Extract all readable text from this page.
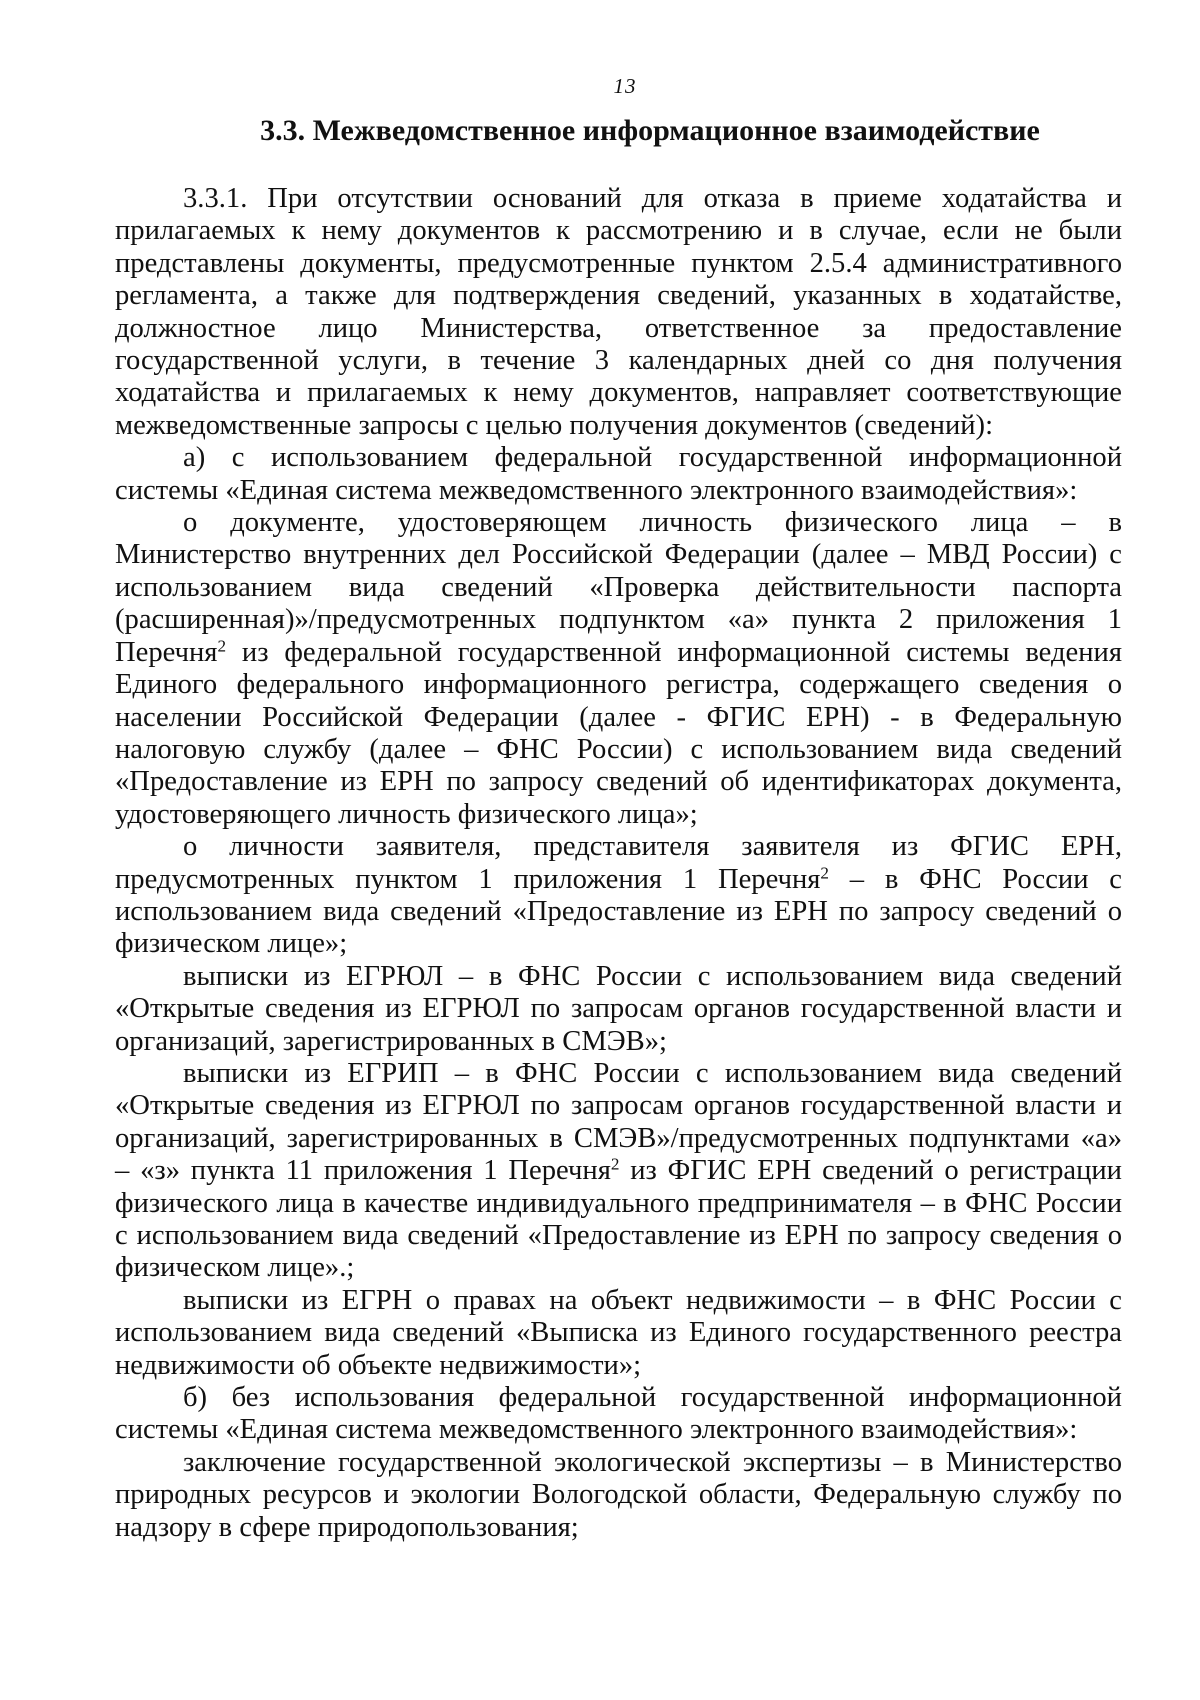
13
3.3. Межведомственное информационное взаимодействие

3.3.1. При отсутствии оснований для отказа в приеме ходатайства и прилагаемых к нему документов к рассмотрению и в случае, если не были представлены документы, предусмотренные пунктом 2.5.4 административного регламента, а также для подтверждения сведений, указанных в ходатайстве, должностное лицо Министерства, ответственное за предоставление государственной услуги, в течение 3 календарных дней со дня получения ходатайства и прилагаемых к нему документов, направляет соответствующие межведомственные запросы с целью получения документов (сведений):

а) с использованием федеральной государственной информационной системы «Единая система межведомственного электронного взаимодействия»:

о документе, удостоверяющем личность физического лица – в Министерство внутренних дел Российской Федерации (далее – МВД России) с использованием вида сведений «Проверка действительности паспорта (расширенная)»/предусмотренных подпунктом «а» пункта 2 приложения 1 Перечня$^2$ из федеральной государственной информационной системы ведения Единого федерального информационного регистра, содержащего сведения о населении Российской Федерации (далее - ФГИС ЕРН) - в Федеральную налоговую службу (далее – ФНС России) с использованием вида сведений «Предоставление из ЕРН по запросу сведений об идентификаторах документа, удостоверяющего личность физического лица»;

о личности заявителя, представителя заявителя из ФГИС ЕРН, предусмотренных пунктом 1 приложения 1 Перечня$^2$ – в ФНС России с использованием вида сведений «Предоставление из ЕРН по запросу сведений о физическом лице»;

выписки из ЕГРЮЛ – в ФНС России с использованием вида сведений «Открытые сведения из ЕГРЮЛ по запросам органов государственной власти и организаций, зарегистрированных в СМЭВ»;

выписки из ЕГРИП – в ФНС России с использованием вида сведений «Открытые сведения из ЕГРЮЛ по запросам органов государственной власти и организаций, зарегистрированных в СМЭВ»/предусмотренных подпунктами «а» – «з» пункта 11 приложения 1 Перечня$^2$ из ФГИС ЕРН сведений о регистрации физического лица в качестве индивидуального предпринимателя – в ФНС России с использованием вида сведений «Предоставление из ЕРН по запросу сведения о физическом лице».;

выписки из ЕГРН о правах на объект недвижимости – в ФНС России с использованием вида сведений «Выписка из Единого государственного реестра недвижимости об объекте недвижимости»;

б) без использования федеральной государственной информационной системы «Единая система межведомственного электронного взаимодействия»:

заключение государственной экологической экспертизы – в Министерство природных ресурсов и экологии Вологодской области, Федеральную службу по надзору в сфере природопользования;
